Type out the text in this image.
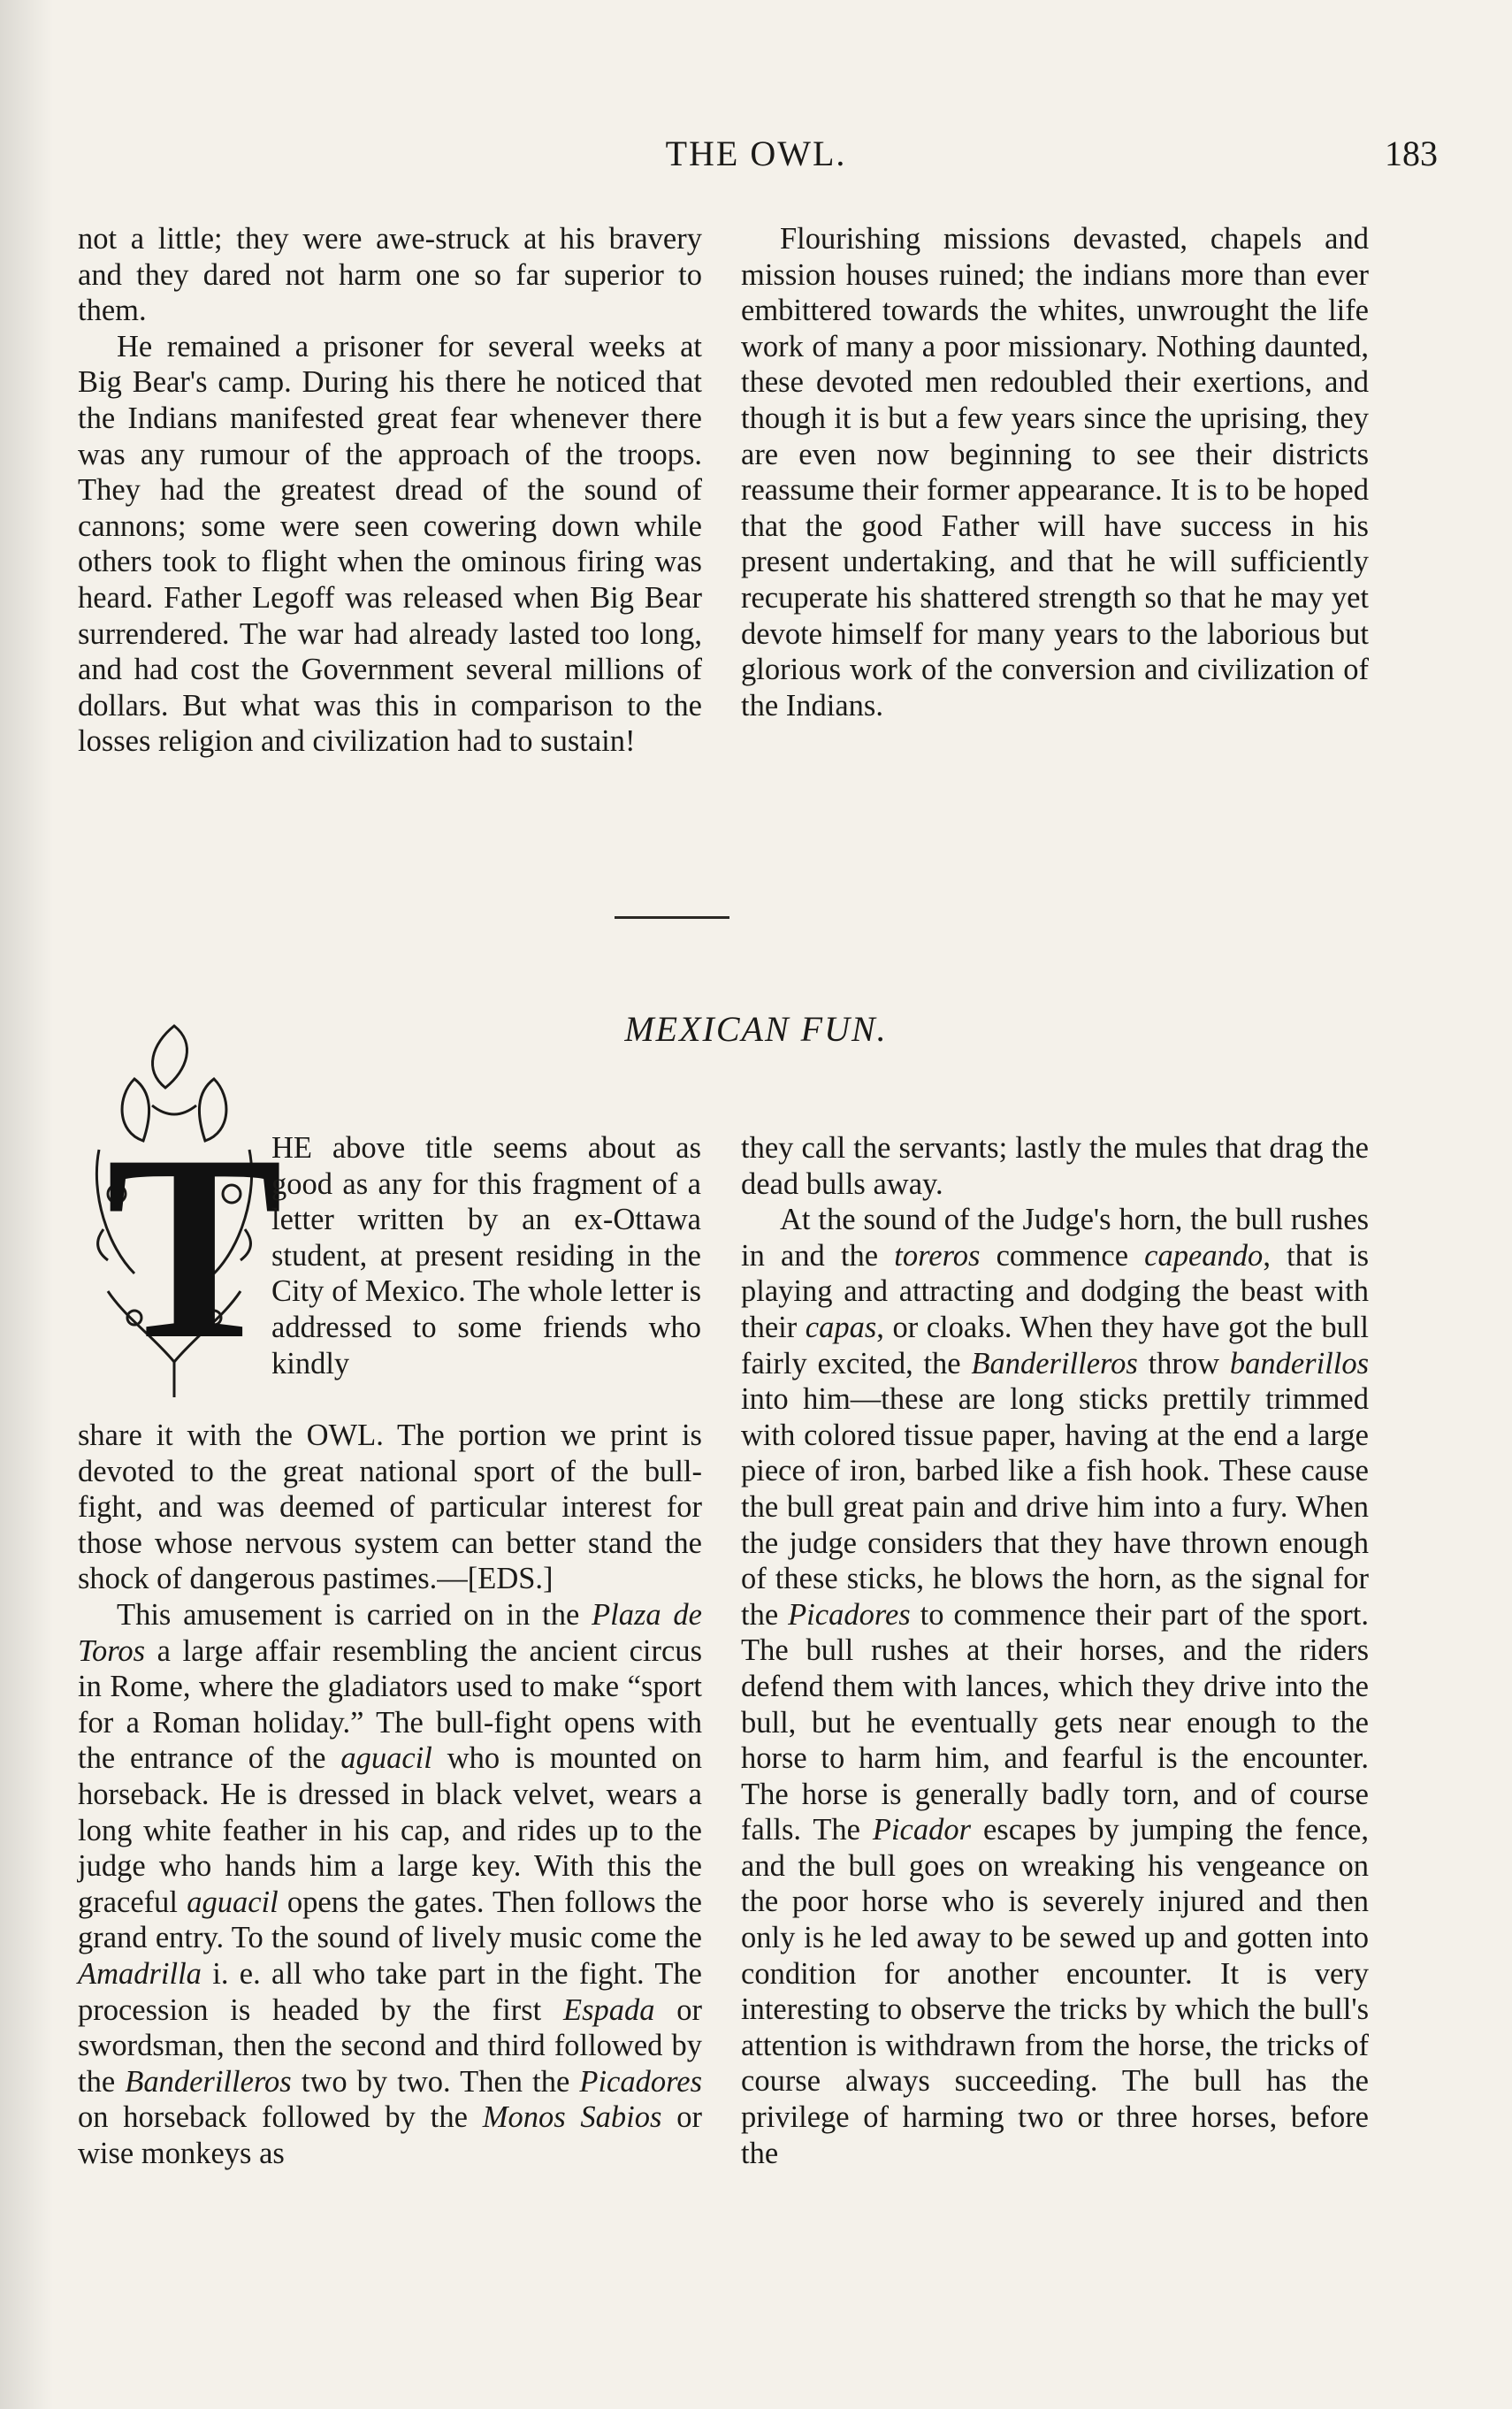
THE OWL.	183

not a little; they were awe-struck at his bravery and they dared not harm one so far superior to them.

He remained a prisoner for several weeks at Big Bear's camp. During his there he noticed that the Indians manifested great fear whenever there was any rumour of the approach of the troops. They had the greatest dread of the sound of cannons; some were seen cowering down while others took to flight when the ominous firing was heard. Father Legoff was released when Big Bear surrendered. The war had already lasted too long, and had cost the Government several millions of dollars. But what was this in comparison to the losses religion and civilization had to sustain!

Flourishing missions devasted, chapels and mission houses ruined; the indians more than ever embittered towards the whites, unwrought the life work of many a poor missionary. Nothing daunted, these devoted men redoubled their exertions, and though it is but a few years since the uprising, they are even now beginning to see their districts reassume their former appearance. It is to be hoped that the good Father will have success in his present undertaking, and that he will sufficiently recuperate his shattered strength so that he may yet devote himself for many years to the laborious but glorious work of the conversion and civilization of the Indians.

MEXICAN FUN.
T

HE above title seems about as good as any for this fragment of a letter written by an ex-Ottawa student, at present residing in the City of Mexico. The whole letter is addressed to some friends who kindly

share it with the OWL. The portion we print is devoted to the great national sport of the bull-fight, and was deemed of particular interest for those whose nervous system can better stand the shock of dangerous pastimes.—[EDS.]

This amusement is carried on in the Plaza de Toros a large affair resembling the ancient circus in Rome, where the gladiators used to make “sport for a Roman holiday.” The bull-fight opens with the entrance of the aguacil who is mounted on horseback. He is dressed in black velvet, wears a long white feather in his cap, and rides up to the judge who hands him a large key. With this the graceful aguacil opens the gates. Then follows the grand entry. To the sound of lively music come the Amadrilla i. e. all who take part in the fight. The procession is headed by the first Espada or swordsman, then the second and third followed by the Banderilleros two by two. Then the Picadores on horseback followed by the Monos Sabios or wise monkeys as

they call the servants; lastly the mules that drag the dead bulls away.

At the sound of the Judge's horn, the bull rushes in and the toreros commence capeando, that is playing and attracting and dodging the beast with their capas, or cloaks. When they have got the bull fairly excited, the Banderilleros throw banderillos into him—these are long sticks prettily trimmed with colored tissue paper, having at the end a large piece of iron, barbed like a fish hook. These cause the bull great pain and drive him into a fury. When the judge considers that they have thrown enough of these sticks, he blows the horn, as the signal for the Picadores to commence their part of the sport. The bull rushes at their horses, and the riders defend them with lances, which they drive into the bull, but he eventually gets near enough to the horse to harm him, and fearful is the encounter. The horse is generally badly torn, and of course falls. The Picador escapes by jumping the fence, and the bull goes on wreaking his vengeance on the poor horse who is severely injured and then only is he led away to be sewed up and gotten into condition for another encounter. It is very interesting to observe the tricks by which the bull's attention is withdrawn from the horse, the tricks of course always succeeding. The bull has the privilege of harming two or three horses, before the
